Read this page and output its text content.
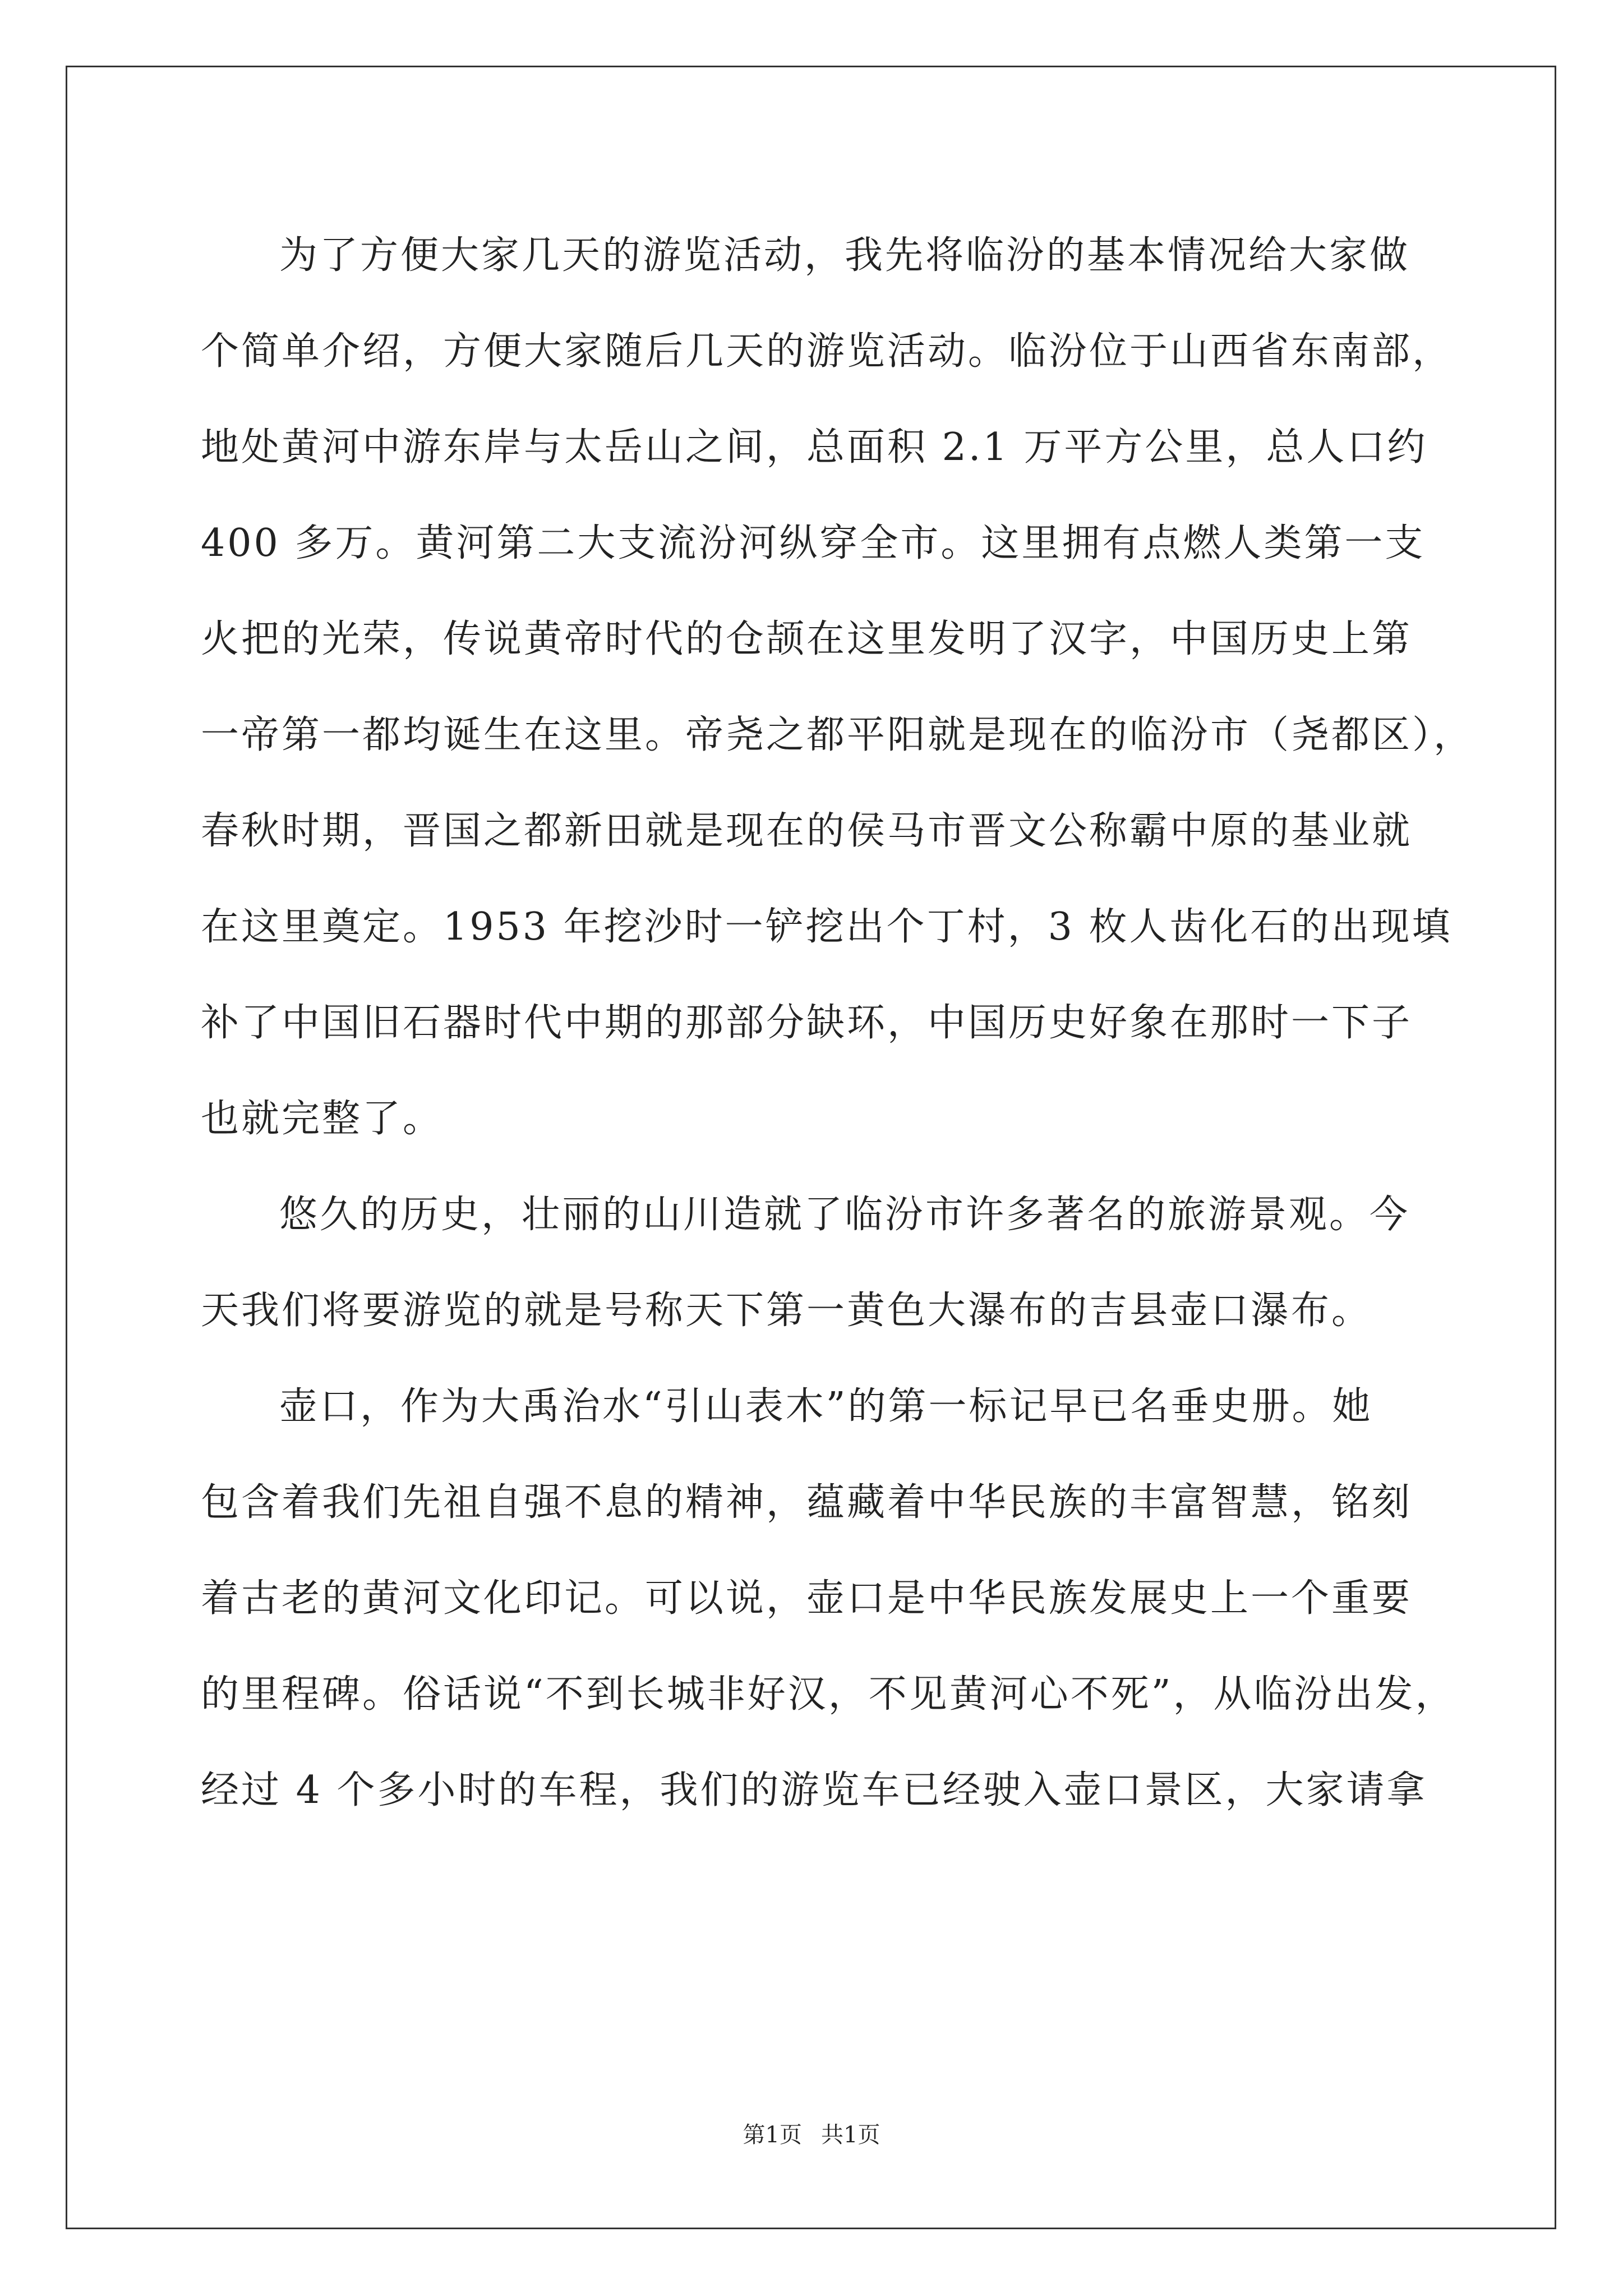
为了方便大家几天的游览活动，我先将临汾的基本情况给大家做
个简单介绍，方便大家随后几天的游览活动。临汾位于山西省东南部，
地处黄河中游东岸与太岳山之间，总面积 2.1 万平方公里，总人口约
400 多万。黄河第二大支流汾河纵穿全市。这里拥有点燃人类第一支
火把的光荣，传说黄帝时代的仓颉在这里发明了汉字，中国历史上第
一帝第一都均诞生在这里。帝尧之都平阳就是现在的临汾市（尧都区），
春秋时期，晋国之都新田就是现在的侯马市晋文公称霸中原的基业就
在这里奠定。1953 年挖沙时一铲挖出个丁村，3 枚人齿化石的出现填
补了中国旧石器时代中期的那部分缺环，中国历史好象在那时一下子
也就完整了。
悠久的历史，壮丽的山川造就了临汾市许多著名的旅游景观。今
天我们将要游览的就是号称天下第一黄色大瀑布的吉县壶口瀑布。
壶口，作为大禹治水“引山表木”的第一标记早已名垂史册。她
包含着我们先祖自强不息的精神，蕴藏着中华民族的丰富智慧，铭刻
着古老的黄河文化印记。可以说，壶口是中华民族发展史上一个重要
的里程碑。俗话说“不到长城非好汉，不见黄河心不死”，从临汾出发，
经过 4 个多小时的车程，我们的游览车已经驶入壶口景区，大家请拿
第1页 共1页
